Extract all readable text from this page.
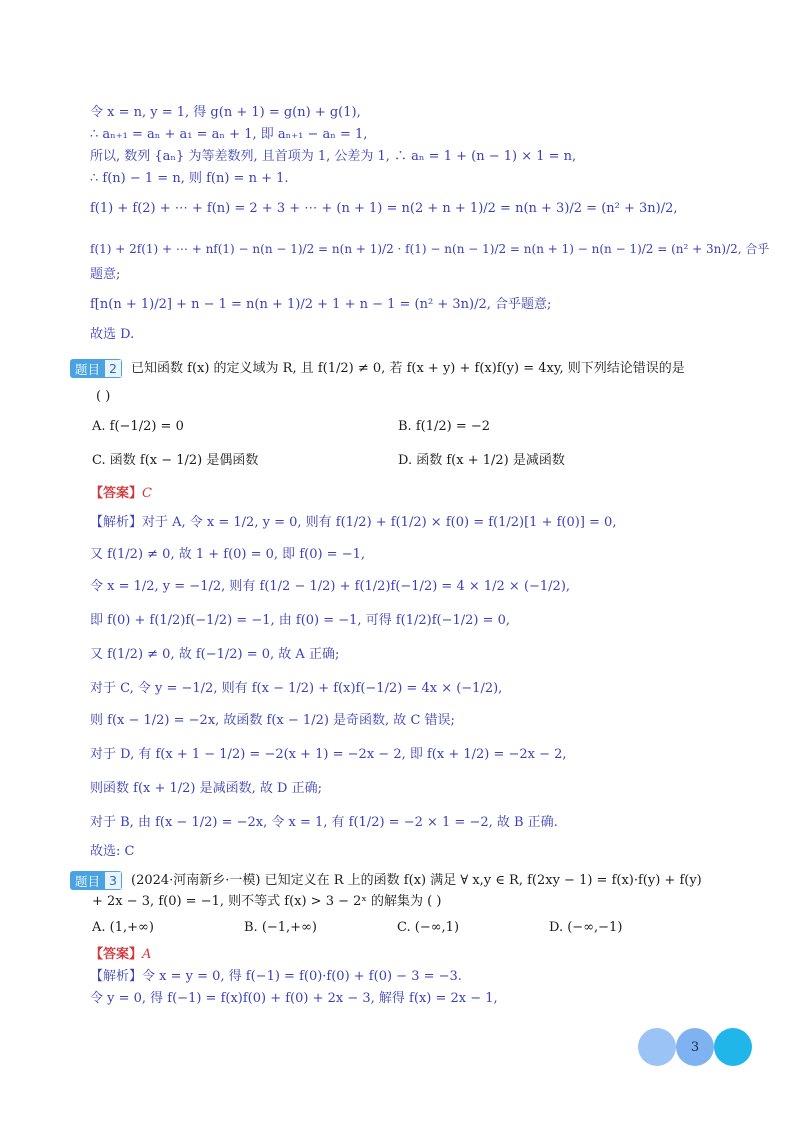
令 x = n, y = 1, 得 g(n + 1) = g(n) + g(1),
∴ aₙ₊₁ = aₙ + a₁ = aₙ + 1, 即 aₙ₊₁ − aₙ = 1,
所以, 数列 {aₙ} 为等差数列, 且首项为 1, 公差为 1, ∴ aₙ = 1 + (n − 1) × 1 = n,
∴ f(n) − 1 = n, 则 f(n) = n + 1.
f(1) + f(2) + ⋯ + f(n) = 2 + 3 + ⋯ + (n + 1) = n(2 + n + 1)/2 = n(n + 3)/2 = (n² + 3n)/2,
f(1) + 2f(1) + ⋯ + nf(1) − n(n − 1)/2 = n(n + 1)/2 · f(1) − n(n − 1)/2 = n(n + 1) − n(n − 1)/2 = (n² + 3n)/2, 合乎
题意;
f[n(n + 1)/2] + n − 1 = n(n + 1)/2 + 1 + n − 1 = (n² + 3n)/2, 合乎题意;
故选 D.
题目 2	已知函数 f(x) 的定义域为 R, 且 f(1/2) ≠ 0, 若 f(x + y) + f(x)f(y) = 4xy, 则下列结论错误的是
( )
A. f(−1/2) = 0	B. f(1/2) = −2
C. 函数 f(x − 1/2) 是偶函数	D. 函数 f(x + 1/2) 是减函数
【答案】C
【解析】对于 A, 令 x = 1/2, y = 0, 则有 f(1/2) + f(1/2) × f(0) = f(1/2)[1 + f(0)] = 0,
又 f(1/2) ≠ 0, 故 1 + f(0) = 0, 即 f(0) = −1,
令 x = 1/2, y = −1/2, 则有 f(1/2 − 1/2) + f(1/2)f(−1/2) = 4 × 1/2 × (−1/2),
即 f(0) + f(1/2)f(−1/2) = −1, 由 f(0) = −1, 可得 f(1/2)f(−1/2) = 0,
又 f(1/2) ≠ 0, 故 f(−1/2) = 0, 故 A 正确;
对于 C, 令 y = −1/2, 则有 f(x − 1/2) + f(x)f(−1/2) = 4x × (−1/2),
则 f(x − 1/2) = −2x, 故函数 f(x − 1/2) 是奇函数, 故 C 错误;
对于 D, 有 f(x + 1 − 1/2) = −2(x + 1) = −2x − 2, 即 f(x + 1/2) = −2x − 2,
则函数 f(x + 1/2) 是减函数, 故 D 正确;
对于 B, 由 f(x − 1/2) = −2x, 令 x = 1, 有 f(1/2) = −2 × 1 = −2, 故 B 正确.
故选: C
题目 3	(2024·河南新乡·一模) 已知定义在 R 上的函数 f(x) 满足 ∀ x,y ∈ R, f(2xy − 1) = f(x)·f(y) + f(y)
+ 2x − 3, f(0) = −1, 则不等式 f(x) > 3 − 2ˣ 的解集为 ( )
A. (1,+∞)	B. (−1,+∞)	C. (−∞,1)	D. (−∞,−1)
【答案】A
【解析】令 x = y = 0, 得 f(−1) = f(0)·f(0) + f(0) − 3 = −3.
令 y = 0, 得 f(−1) = f(x)f(0) + f(0) + 2x − 3, 解得 f(x) = 2x − 1,
3
